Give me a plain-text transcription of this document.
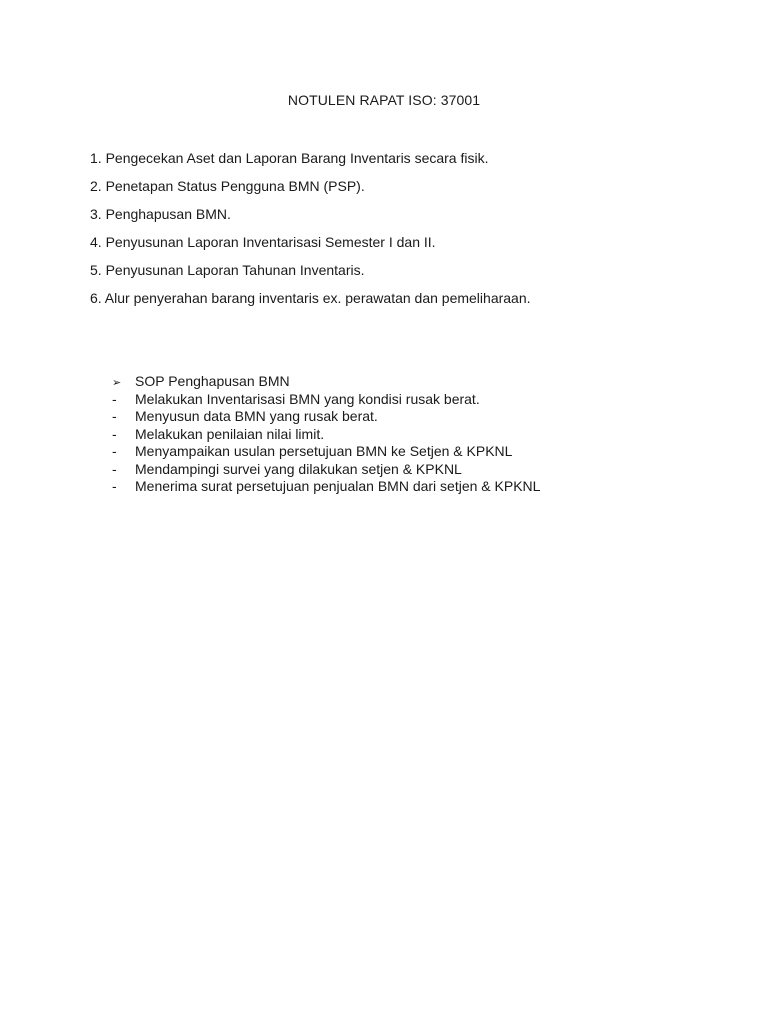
NOTULEN RAPAT ISO: 37001
1. Pengecekan Aset dan Laporan Barang Inventaris secara fisik.
2. Penetapan Status Pengguna BMN (PSP).
3. Penghapusan BMN.
4. Penyusunan Laporan Inventarisasi Semester I dan II.
5. Penyusunan Laporan Tahunan Inventaris.
6. Alur penyerahan barang inventaris ex. perawatan dan pemeliharaan.
➢ SOP Penghapusan BMN
-	Melakukan Inventarisasi BMN yang kondisi rusak berat.
-	Menyusun data BMN yang rusak berat.
-	Melakukan penilaian nilai limit.
-	Menyampaikan usulan persetujuan BMN ke Setjen & KPKNL
-	Mendampingi survei yang dilakukan setjen & KPKNL
-	Menerima surat persetujuan penjualan BMN dari setjen & KPKNL
